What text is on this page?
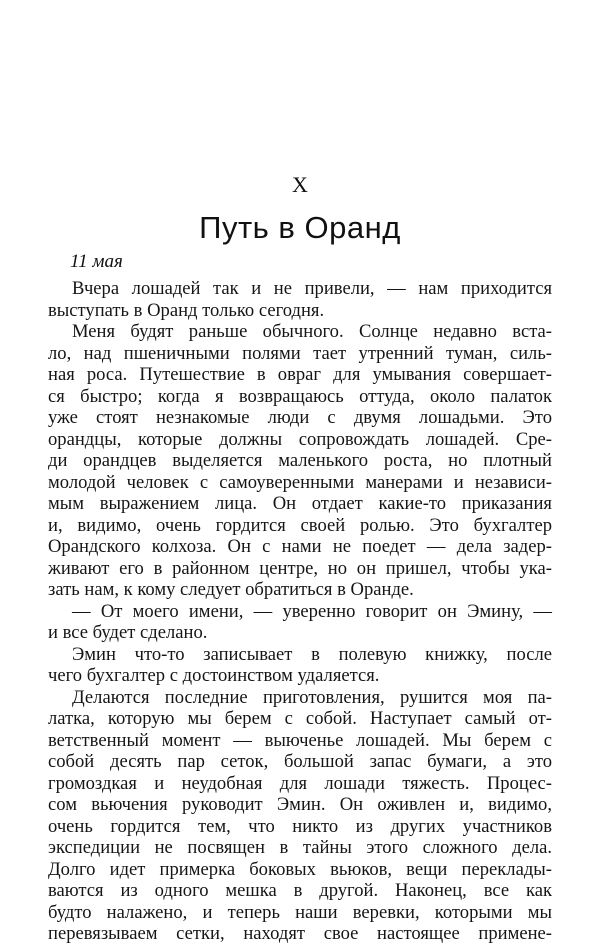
X
Путь в Оранд
11 мая
Вчера лошадей так и не привели, — нам приходится
выступать в Оранд только сегодня.
Меня будят раньше обычного. Солнце недавно вста-
ло, над пшеничными полями тает утренний туман, силь-
ная роса. Путешествие в овраг для умывания совершает-
ся быстро; когда я возвращаюсь оттуда, около палаток
уже стоят незнакомые люди с двумя лошадьми. Это
орандцы, которые должны сопровождать лошадей. Сре-
ди орандцев выделяется маленького роста, но плотный
молодой человек с самоуверенными манерами и независи-
мым выражением лица. Он отдает какие-то приказания
и, видимо, очень гордится своей ролью. Это бухгалтер
Орандского колхоза. Он с нами не поедет — дела задер-
живают его в районном центре, но он пришел, чтобы ука-
зать нам, к кому следует обратиться в Оранде.
— От моего имени, — уверенно говорит он Эмину, —
и все будет сделано.
Эмин что-то записывает в полевую книжку, после
чего бухгалтер с достоинством удаляется.
Делаются последние приготовления, рушится моя па-
латка, которую мы берем с собой. Наступает самый от-
ветственный момент — выюченье лошадей. Мы берем с
собой десять пар сеток, большой запас бумаги, а это
громоздкая и неудобная для лошади тяжесть. Процес-
сом вьючения руководит Эмин. Он оживлен и, видимо,
очень гордится тем, что никто из других участников
экспедиции не посвящен в тайны этого сложного дела.
Долго идет примерка боковых вьюков, вещи переклады-
ваются из одного мешка в другой. Наконец, все как
будто налажено, и теперь наши веревки, которыми мы
перевязываем сетки, находят свое настоящее примене-
